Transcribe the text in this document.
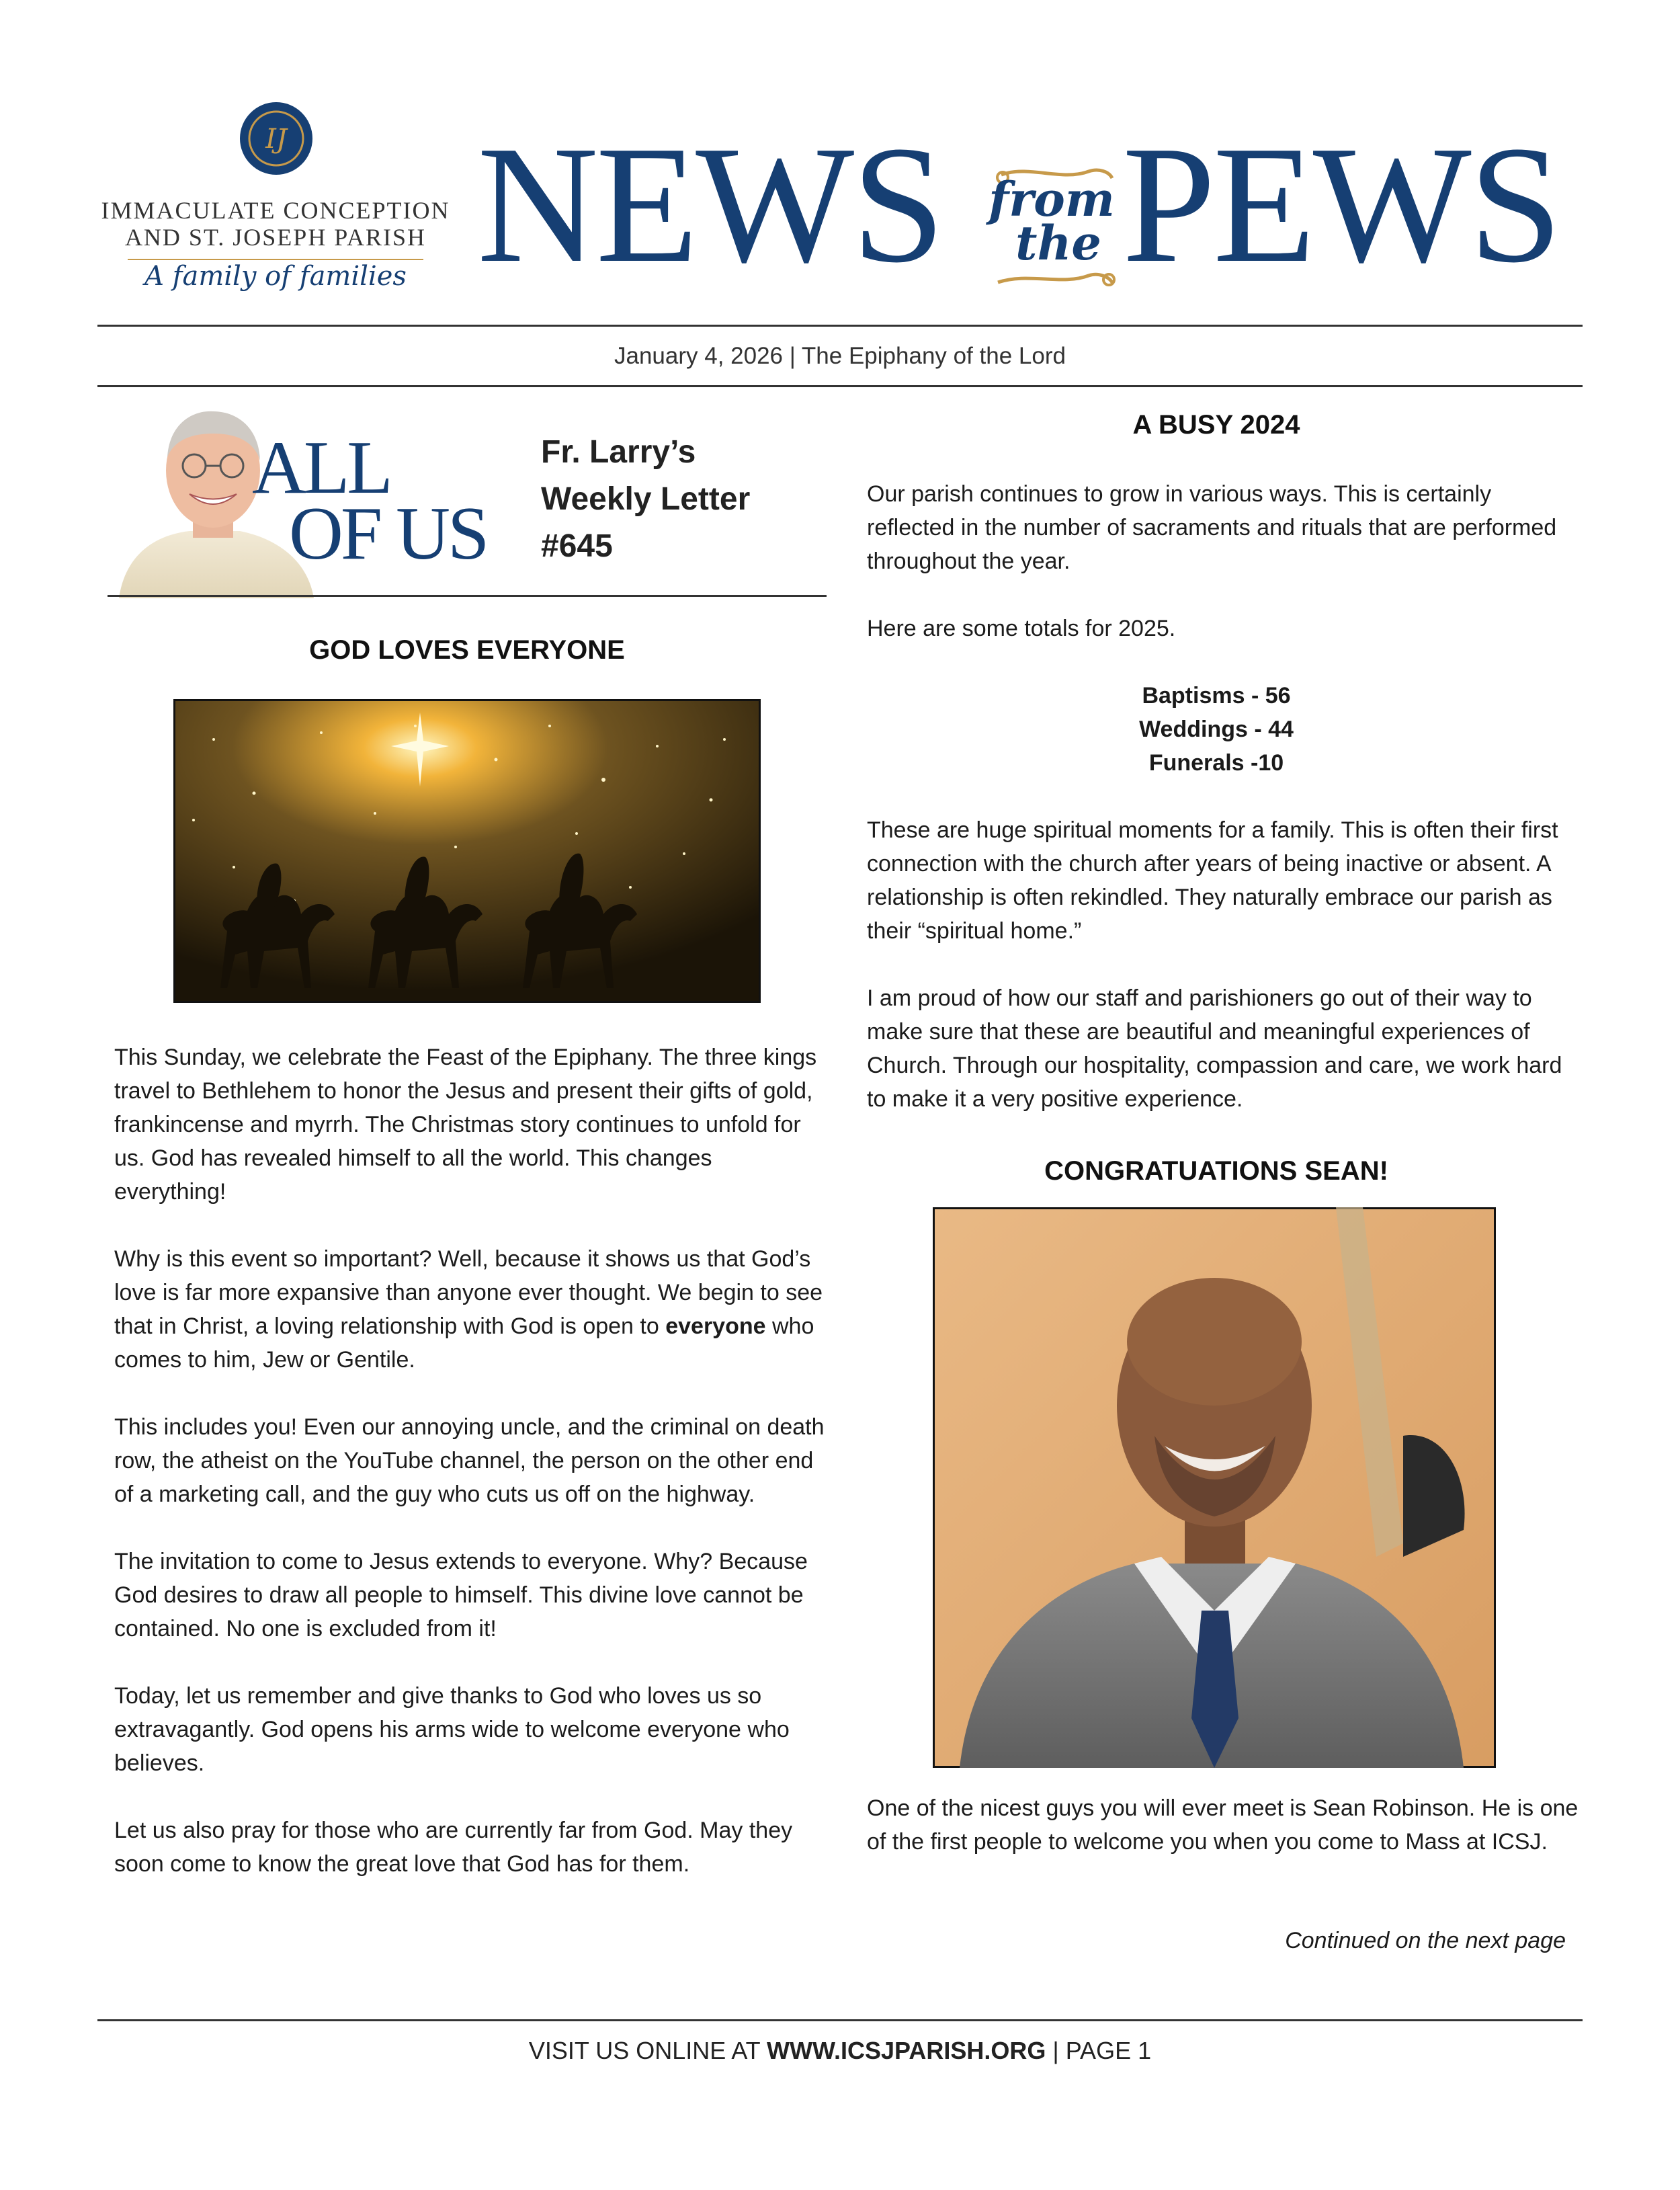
IJ
IMMACULATE CONCEPTION
AND ST. JOSEPH PARISH
A family of families NEWS from
the PEWS
January 4, 2026 | The Epiphany of the Lord
ALL
OF US
Fr. Larry’s
Weekly Letter
#645
GOD LOVES EVERYONE

This Sunday, we celebrate the Feast of the Epiphany. The three kings travel to Bethlehem to honor the Jesus and present their gifts of gold, frankincense and myrrh. The Christmas story continues to unfold for us. God has revealed himself to all the world. This changes everything!

Why is this event so important? Well, because it shows us that God’s love is far more expansive than anyone ever thought. We begin to see that in Christ, a loving relationship with God is open to everyone who comes to him, Jew or Gentile.

This includes you! Even our annoying uncle, and the criminal on death row, the atheist on the YouTube channel, the person on the other end of a marketing call, and the guy who cuts us off on the highway.

The invitation to come to Jesus extends to everyone. Why? Because God desires to draw all people to himself. This divine love cannot be contained. No one is excluded from it!

Today, let us remember and give thanks to God who loves us so extravagantly. God opens his arms wide to welcome everyone who believes.

Let us also pray for those who are currently far from God. May they soon come to know the great love that God has for them.

A BUSY 2024

Our parish continues to grow in various ways. This is certainly reflected in the number of sacraments and rituals that are performed throughout the year.

Here are some totals for 2025.

Baptisms - 56
Weddings - 44
Funerals -10

These are huge spiritual moments for a family. This is often their first connection with the church after years of being inactive or absent. A relationship is often rekindled. They naturally embrace our parish as their “spiritual home.”

I am proud of how our staff and parishioners go out of their way to make sure that these are beautiful and meaningful experiences of Church. Through our hospitality, compassion and care, we work hard to make it a very positive experience.

CONGRATUATIONS SEAN!

One of the nicest guys you will ever meet is Sean Robinson. He is one of the first people to welcome you when you come to Mass at ICSJ.

Continued on the next page
VISIT US ONLINE AT WWW.ICSJPARISH.ORG | PAGE 1
